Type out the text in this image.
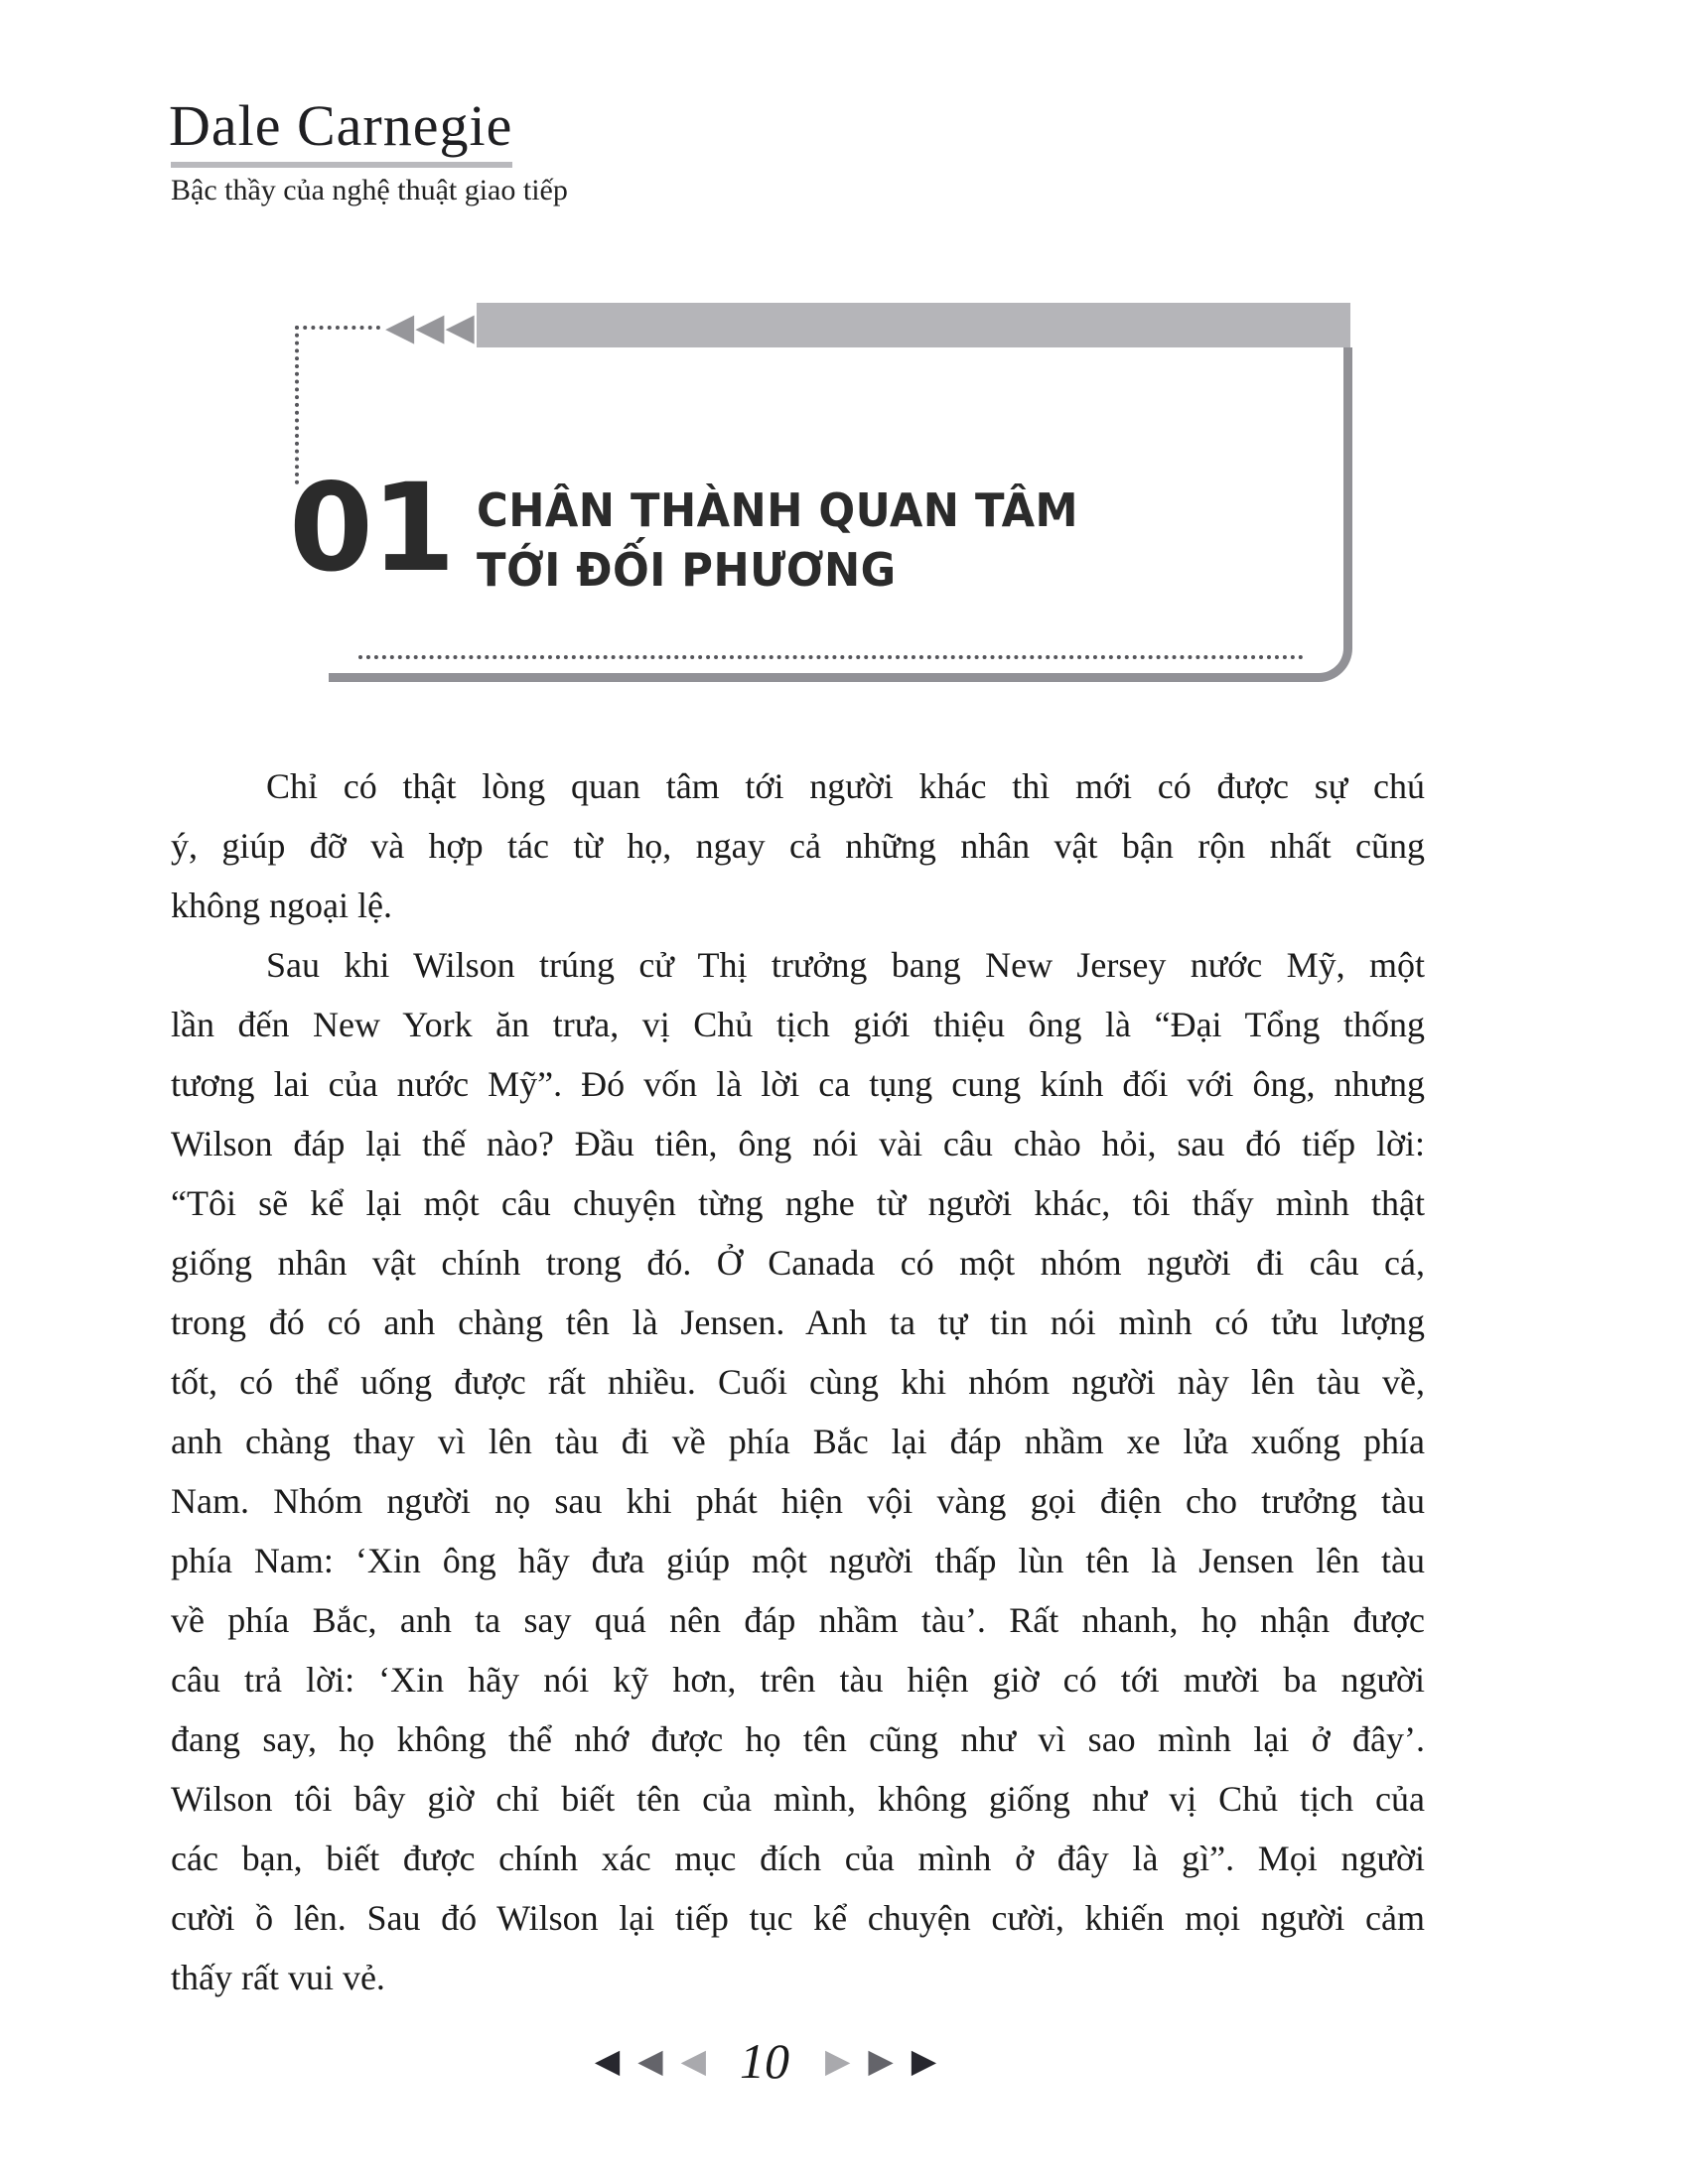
Dale Carnegie
Bậc thầy của nghệ thuật giao tiếp
◀◀◀
01 CHÂN THÀNH QUAN TÂM
TỚI ĐỐI PHƯƠNG
Chỉ có thật lòng quan tâm tới người khác thì mới có được sự chú
ý, giúp đỡ và hợp tác từ họ, ngay cả những nhân vật bận rộn nhất cũng
không ngoại lệ.
Sau khi Wilson trúng cử Thị trưởng bang New Jersey nước Mỹ, một
lần đến New York ăn trưa, vị Chủ tịch giới thiệu ông là “Đại Tổng thống
tương lai của nước Mỹ”. Đó vốn là lời ca tụng cung kính đối với ông, nhưng
Wilson đáp lại thế nào? Đầu tiên, ông nói vài câu chào hỏi, sau đó tiếp lời:
“Tôi sẽ kể lại một câu chuyện từng nghe từ người khác, tôi thấy mình thật
giống nhân vật chính trong đó. Ở Canada có một nhóm người đi câu cá,
trong đó có anh chàng tên là Jensen. Anh ta tự tin nói mình có tửu lượng
tốt, có thể uống được rất nhiều. Cuối cùng khi nhóm người này lên tàu về,
anh chàng thay vì lên tàu đi về phía Bắc lại đáp nhầm xe lửa xuống phía
Nam. Nhóm người nọ sau khi phát hiện vội vàng gọi điện cho trưởng tàu
phía Nam: ‘Xin ông hãy đưa giúp một người thấp lùn tên là Jensen lên tàu
về phía Bắc, anh ta say quá nên đáp nhầm tàu’. Rất nhanh, họ nhận được
câu trả lời: ‘Xin hãy nói kỹ hơn, trên tàu hiện giờ có tới mười ba người
đang say, họ không thể nhớ được họ tên cũng như vì sao mình lại ở đây’.
Wilson tôi bây giờ chỉ biết tên của mình, không giống như vị Chủ tịch của
các bạn, biết được chính xác mục đích của mình ở đây là gì”. Mọi người
cười ồ lên. Sau đó Wilson lại tiếp tục kể chuyện cười, khiến mọi người cảm
thấy rất vui vẻ.
◀ ◀ ◀ 10	▶ ▶ ▶
